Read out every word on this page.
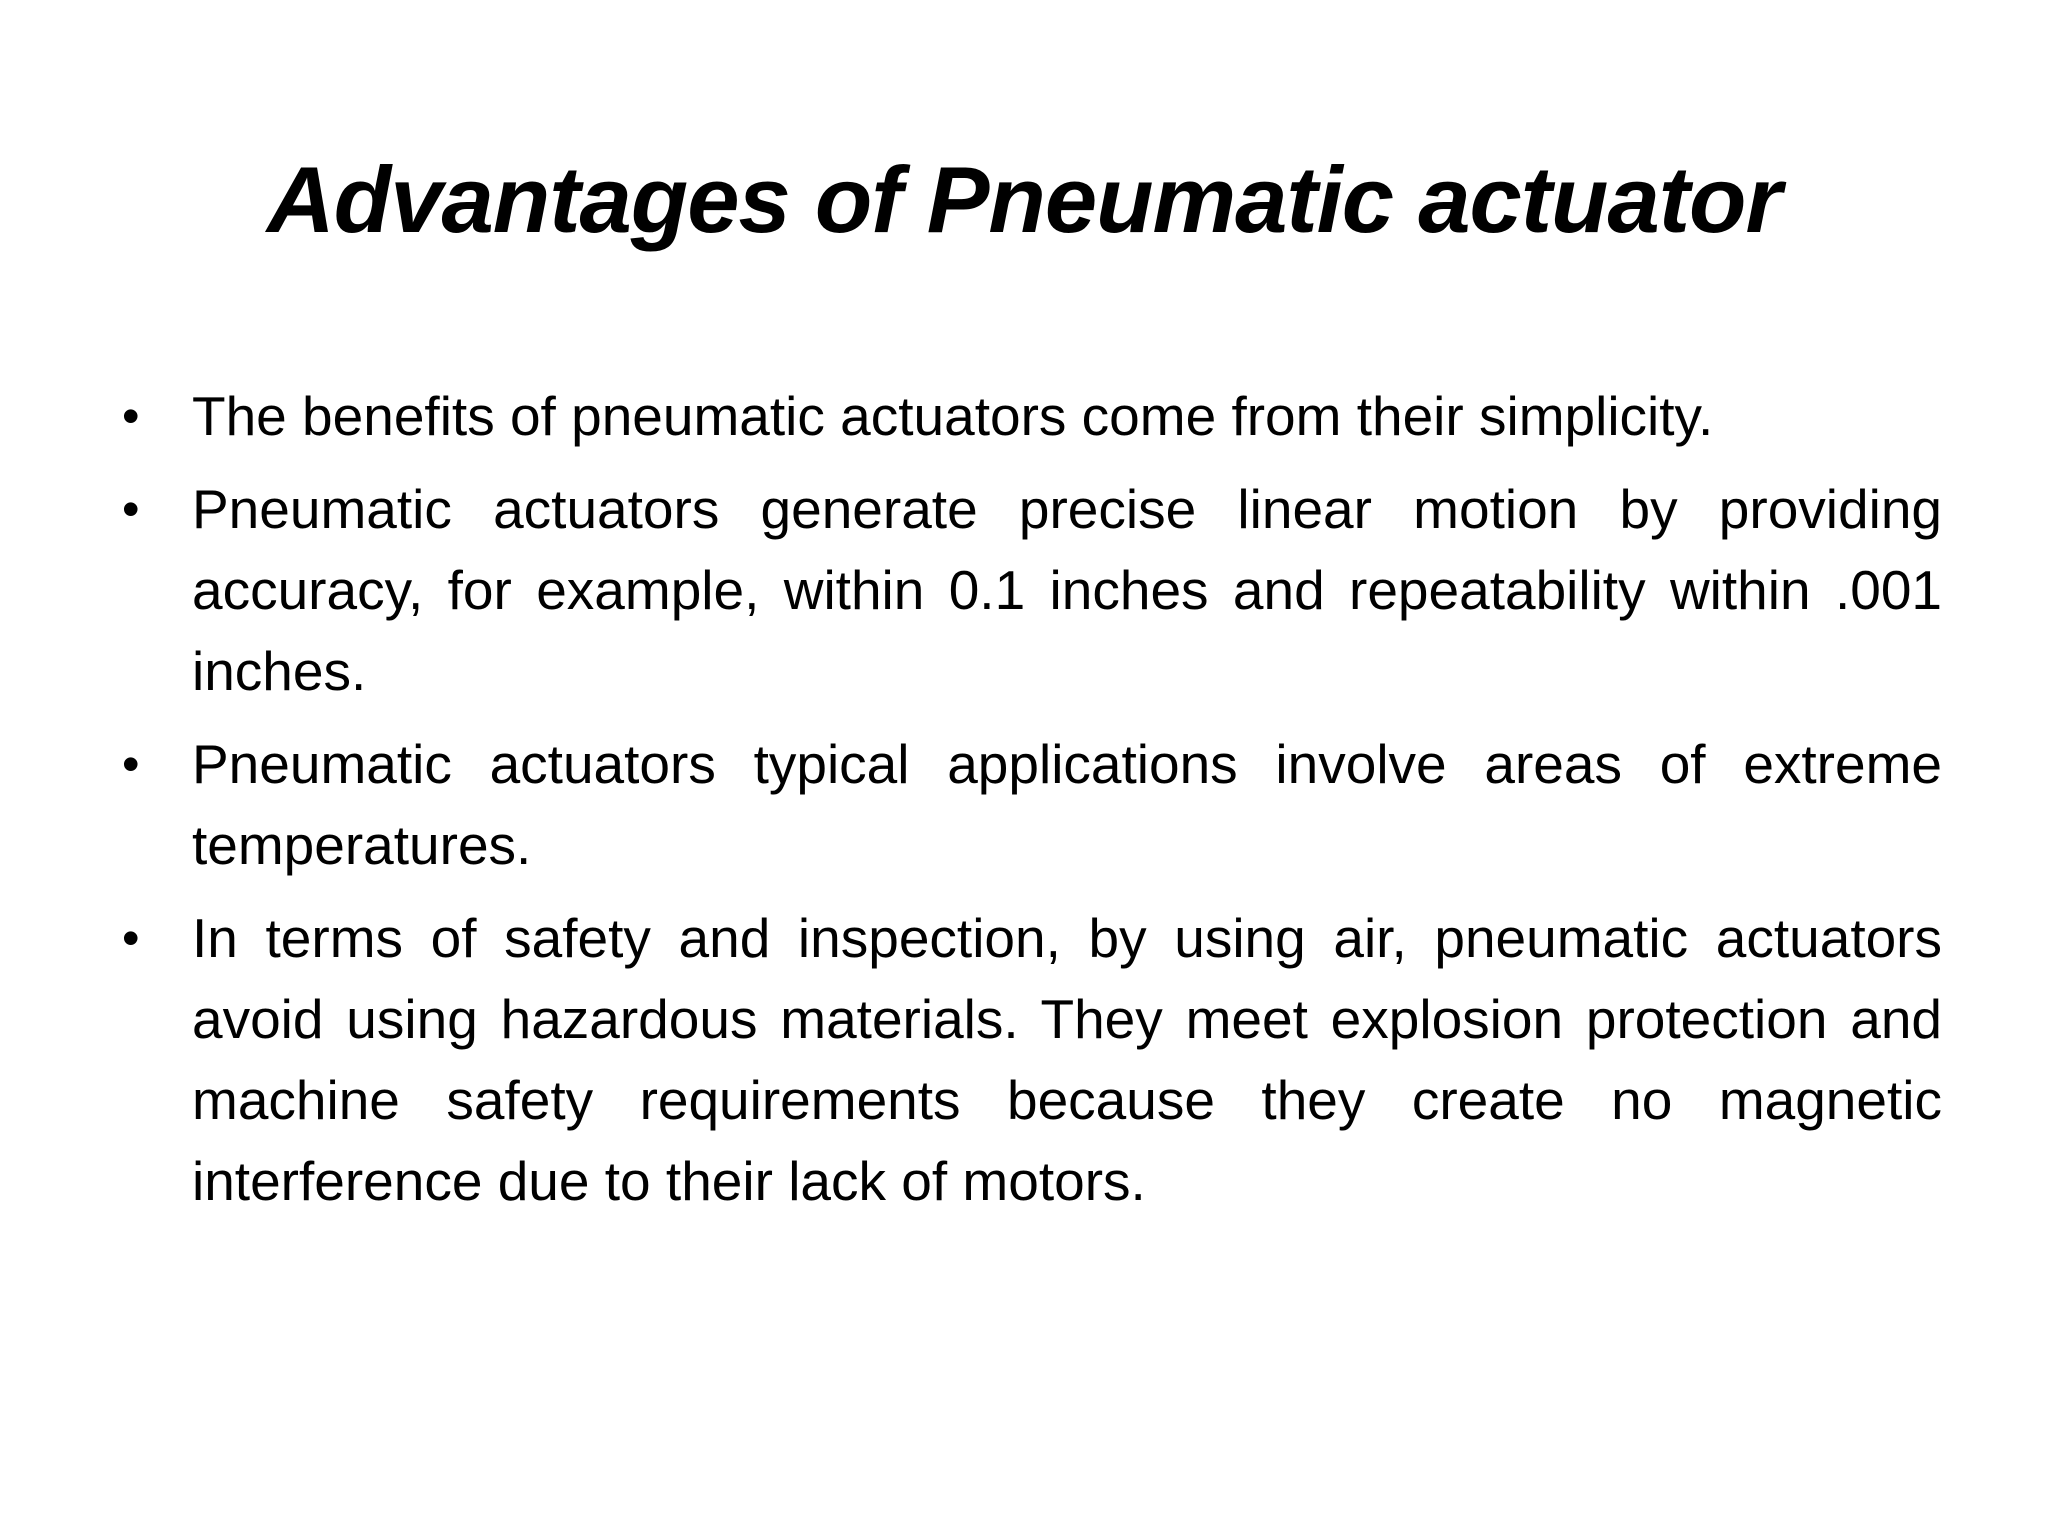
Advantages of Pneumatic actuator
• The benefits of pneumatic actuators come from their simplicity.
• Pneumatic actuators generate precise linear motion by providing accuracy, for example, within 0.1 inches and repeatability within .001 inches.
• Pneumatic actuators typical applications involve areas of extreme temperatures.
• In terms of safety and inspection, by using air, pneumatic actuators avoid using hazardous materials. They meet explosion protection and machine safety requirements because they create no magnetic interference due to their lack of motors.
